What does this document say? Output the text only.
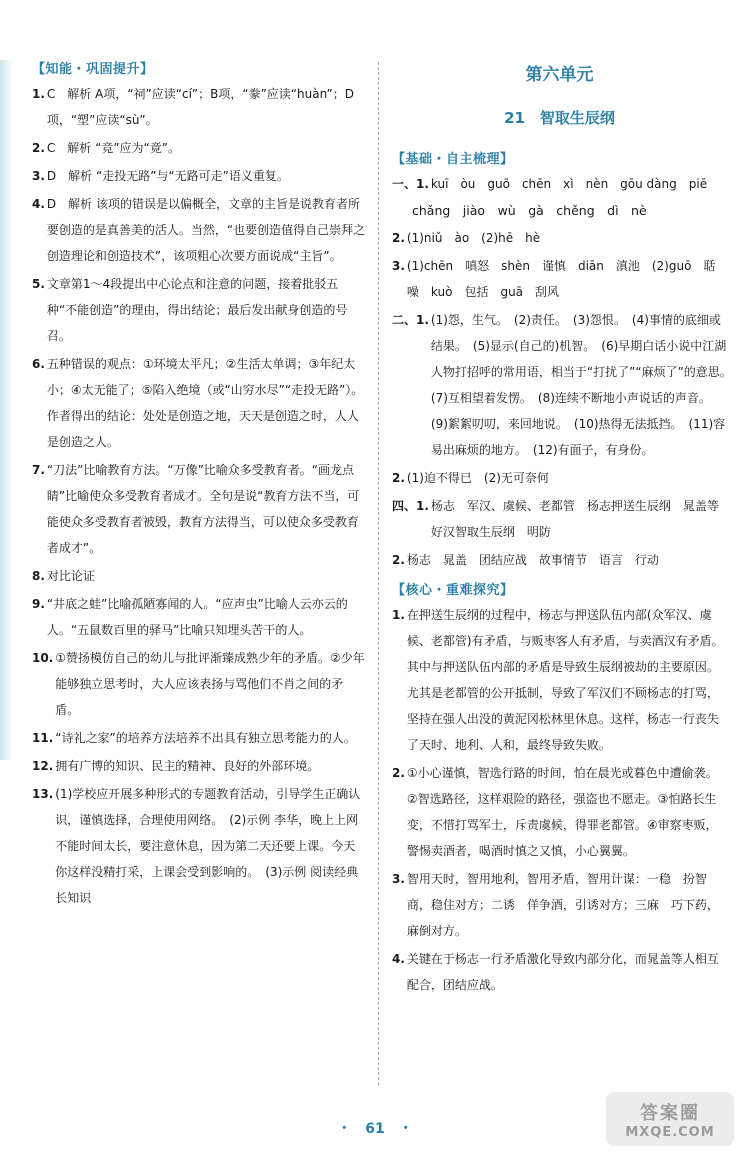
【知能・巩固提升】
1. C　解析 A项，“祠”应读“cí”；B项，“豢”应读“huàn”；D项，“塑”应读“sù”。
2. C　解析 “竞”应为“竟”。
3. D　解析 “走投无路”与“无路可走”语义重复。
4. D　解析 该项的错误是以偏概全，文章的主旨是说教育者所要创造的是真善美的活人。当然，“也要创造值得自己崇拜之创造理论和创造技术”，该项粗心次要方面说成“主旨”。
5. 文章第1～4段提出中心论点和注意的问题，接着批驳五种“不能创造”的理由，得出结论；最后发出献身创造的号召。
6. 五种错误的观点：①环境太平凡；②生活太单调；③年纪太小；④太无能了；⑤陷入绝境（或“山穷水尽”“走投无路”）。作者得出的结论：处处是创造之地，天天是创造之时，人人是创造之人。
7. “刀法”比喻教育方法。“万像”比喻众多受教育者。“画龙点睛”比喻使众多受教育者成才。全句是说“教育方法不当，可能使众多受教育者被毁，教育方法得当，可以使众多受教育者成才”。
8. 对比论证
9. “井底之蛙”比喻孤陋寡闻的人。“应声虫”比喻人云亦云的人。“五鼠数百里的驿马”比喻只知埋头苦干的人。
10. ①赞扬模仿自己的幼儿与批评渐臻成熟少年的矛盾。②少年能够独立思考时，大人应该表扬与骂他们不肖之间的矛盾。
11. “诗礼之家”的培养方法培养不出具有独立思考能力的人。
12. 拥有广博的知识、民主的精神、良好的外部环境。
13. (1)学校应开展多种形式的专题教育活动，引导学生正确认识，谨慎选择，合理使用网络。　(2)示例 李华，晚上上网不能时间太长，要注意休息，因为第二天还要上课。今天你这样没精打采，上课会受到影响的。　(3)示例 阅读经典长知识
第六单元
21　智取生辰纲
【基础・自主梳理】
一、1. kuī　òu　guō　chēn　xì　nèn　gōu dàng　piē
chǎng　jiào　wù　gà　chěng　dì　nè
2. (1)niǔ　ào　(2)hē　hè
3. (1)chēn　嗔怒　shèn　谨慎　diān　滇池　(2)guō　聒噪　kuò　包括　guā　刮风
二、1. (1)怨，生气。　(2)责任。　(3)怨恨。　(4)事情的底细或结果。　(5)显示(自己的)机智。　(6)早期白话小说中江湖人物打招呼的常用语，相当于“打扰了”“麻烦了”的意思。　(7)互相望着发愣。　(8)连续不断地小声说话的声音。　(9)絮絮叨叨，来回地说。　(10)热得无法抵挡。　(11)容易出麻烦的地方。　(12)有面子，有身份。
2. (1)迫不得已　(2)无可奈何
四、1. 杨志　军汉、虞候、老都管　杨志押送生辰纲　晁盖等好汉智取生辰纲　明防
2. 杨志　晁盖　团结应战　故事情节　语言　行动
【核心・重难探究】
1. 在押送生辰纲的过程中，杨志与押送队伍内部(众军汉、虞候、老都管)有矛盾，与贩枣客人有矛盾，与卖酒汉有矛盾。其中与押送队伍内部的矛盾是导致生辰纲被劫的主要原因。尤其是老都管的公开抵制，导致了军汉们不顾杨志的打骂，坚持在强人出没的黄泥冈松林里休息。这样，杨志一行丧失了天时、地利、人和，最终导致失败。
2. ①小心谨慎，智选行路的时间，怕在晨光或暮色中遭偷袭。②智选路径，这样艰险的路径，强盗也不愿走。③怕路长生变，不惜打骂军士，斥责虞候，得罪老都管。④审察枣贩，警惕卖酒者，喝酒时慎之又慎，小心翼翼。
3. 智用天时，智用地利，智用矛盾，智用计谋：一稳　扮智商，稳住对方；二诱　佯争酒，引诱对方；三麻　巧下药，麻倒对方。
4. 关键在于杨志一行矛盾激化导致内部分化，而晁盖等人相互配合，团结应战。
・　61　・
答案圈
MXQE.COM
